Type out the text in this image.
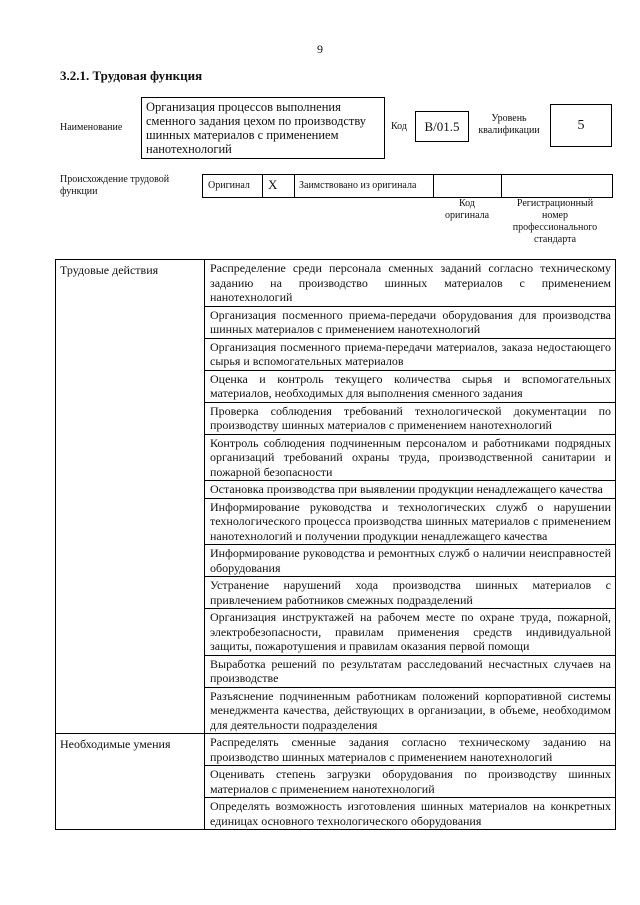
9
3.2.1. Трудовая функция
Наименование
Организация процессов выполнения сменного задания цехом по производству шинных материалов с применением нанотехнологий
Код	B/01.5
Уровень квалификации	5
Происхождение трудовой функции
Оригинал X Заимствовано из оригинала
Код оригинала
Регистрационный номер профессионального стандарта
Трудовые действия	Распределение среди персонала сменных заданий согласно техническому заданию на производство шинных материалов с применением нанотехнологий
	Организация посменного приема-передачи оборудования для производства шинных материалов с применением нанотехнологий
	Организация посменного приема-передачи материалов, заказа недостающего сырья и вспомогательных материалов
	Оценка и контроль текущего количества сырья и вспомогательных материалов, необходимых для выполнения сменного задания
	Проверка соблюдения требований технологической документации по производству шинных материалов с применением нанотехнологий
	Контроль соблюдения подчиненным персоналом и работниками подрядных организаций требований охраны труда, производственной санитарии и пожарной безопасности
	Остановка производства при выявлении продукции ненадлежащего качества
	Информирование руководства и технологических служб о нарушении технологического процесса производства шинных материалов с применением нанотехнологий и получении продукции ненадлежащего качества
	Информирование руководства и ремонтных служб о наличии неисправностей оборудования
	Устранение нарушений хода производства шинных материалов с привлечением работников смежных подразделений
	Организация инструктажей на рабочем месте по охране труда, пожарной, электробезопасности, правилам применения средств индивидуальной защиты, пожаротушения и правилам оказания первой помощи
	Выработка решений по результатам расследований несчастных случаев на производстве
	Разъяснение подчиненным работникам положений корпоративной системы менеджмента качества, действующих в организации, в объеме, необходимом для деятельности подразделения
Необходимые умения	Распределять сменные задания согласно техническому заданию на производство шинных материалов с применением нанотехнологий
	Оценивать степень загрузки оборудования по производству шинных материалов с применением нанотехнологий
	Определять возможность изготовления шинных материалов на конкретных единицах основного технологического оборудования
